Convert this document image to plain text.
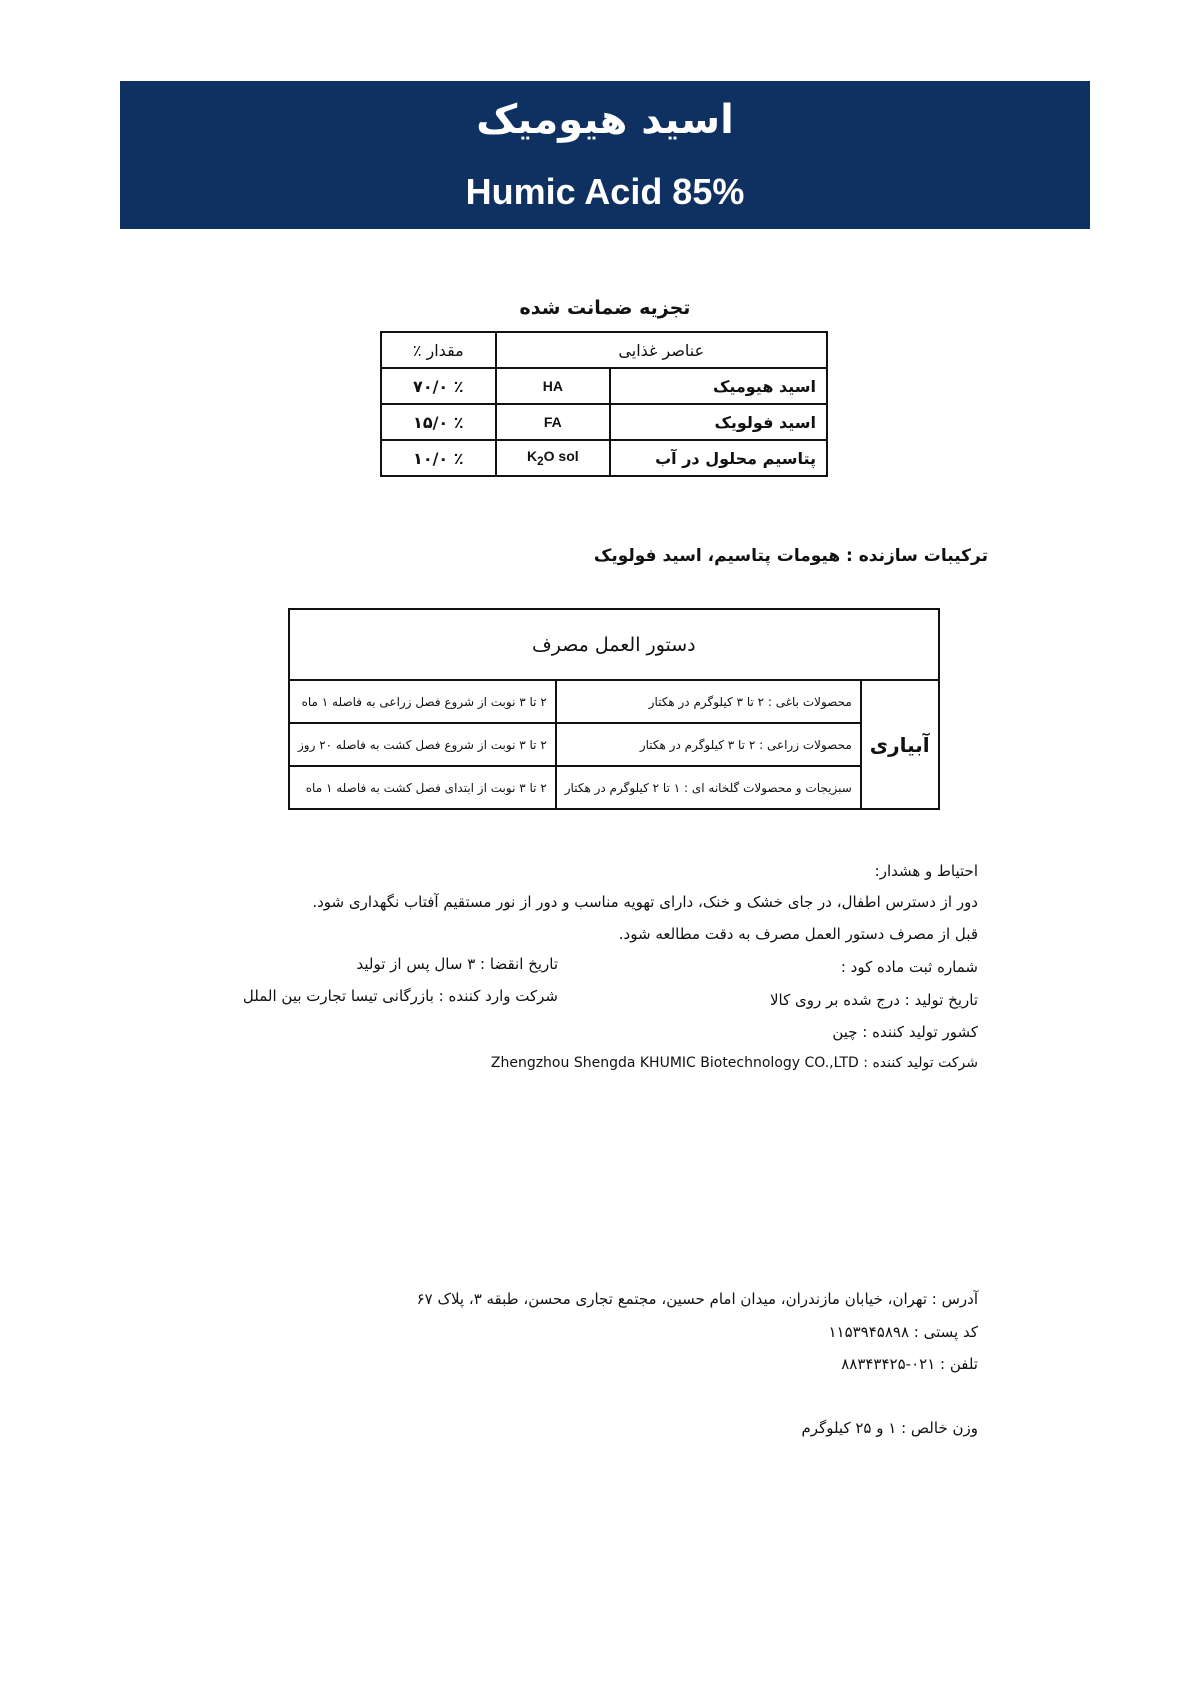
اسید هیومیک
Humic Acid 85%
تجزیه ضمانت شده
عناصر غذایی		مقدار ٪
اسید هیومیک	HA	٪ ۷۰/۰
اسید فولویک	FA	٪ ۱۵/۰
پتاسیم محلول در آب	$K_2O$ sol	٪ ۱۰/۰
ترکیبات سازنده : هیومات پتاسیم، اسید فولویک
دستور العمل مصرف		
آبیاری	محصولات باغی : ۲ تا ۳ کیلوگرم در هکتار	۲ تا ۳ نوبت از شروع فصل زراعی به فاصله ۱ ماه
	محصولات زراعی : ۲ تا ۳ کیلوگرم در هکتار	۲ تا ۳ نوبت از شروع فصل کشت به فاصله ۲۰ روز
	سبزیجات و محصولات گلخانه ای : ۱ تا ۲ کیلوگرم در هکتار	۲ تا ۳ نوبت از ابتدای فصل کشت به فاصله ۱ ماه
احتیاط و هشدار:
دور از دسترس اطفال، در جای خشک و خنک، دارای تهویه مناسب و دور از نور مستقیم آفتاب نگهداری شود.
قبل از مصرف دستور العمل مصرف به دقت مطالعه شود.
شماره ثبت ماده کود :
تاریخ تولید : درج شده بر روی کالا
کشور تولید کننده : چین
شرکت تولید کننده : Zhengzhou Shengda KHUMIC Biotechnology CO.,LTD
تاریخ انقضا : ۳ سال پس از تولید
شرکت وارد کننده : بازرگانی تیسا تجارت بین الملل
آدرس : تهران، خیابان مازندران، میدان امام حسین، مجتمع تجاری محسن، طبقه ۳، پلاک ۶۷
کد پستی : ۱۱۵۳۹۴۵۸۹۸
تلفن : ۰۲۱-۸۸۳۴۳۴۲۵
وزن خالص : ۱ و ۲۵ کیلوگرم
